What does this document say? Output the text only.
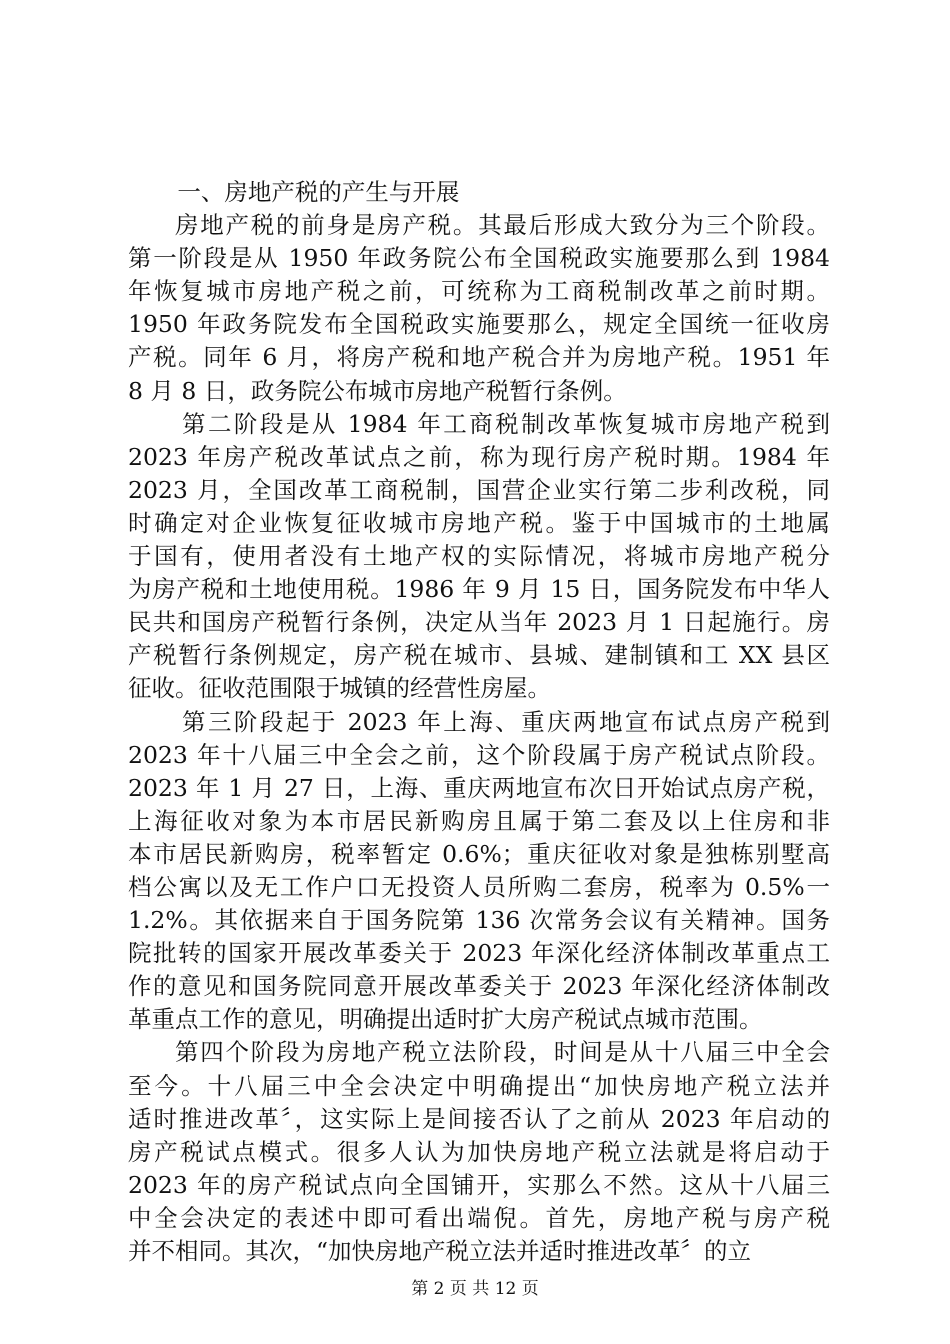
一、房地产税的产生与开展
房地产税的前身是房产税。其最后形成大致分为三个阶段。
第一阶段是从 1950 年政务院公布全国税政实施要那么到 1984
年恢复城市房地产税之前，可统称为工商税制改革之前时期。
1950 年政务院发布全国税政实施要那么，规定全国统一征收房
产税。同年 6 月，将房产税和地产税合并为房地产税。1951 年
8 月 8 日，政务院公布城市房地产税暂行条例。
第二阶段是从 1984 年工商税制改革恢复城市房地产税到
2023 年房产税改革试点之前，称为现行房产税时期。1984 年
2023 月，全国改革工商税制，国营企业实行第二步利改税，同
时确定对企业恢复征收城市房地产税。鉴于中国城市的土地属
于国有，使用者没有土地产权的实际情况，将城市房地产税分
为房产税和土地使用税。1986 年 9 月 15 日，国务院发布中华人
民共和国房产税暂行条例，决定从当年 2023 月 1 日起施行。房
产税暂行条例规定，房产税在城市、县城、建制镇和工 XX 县区
征收。征收范围限于城镇的经营性房屋。
第三阶段起于 2023 年上海、重庆两地宣布试点房产税到
2023 年十八届三中全会之前，这个阶段属于房产税试点阶段。
2023 年 1 月 27 日，上海、重庆两地宣布次日开始试点房产税，
上海征收对象为本市居民新购房且属于第二套及以上住房和非
本市居民新购房，税率暂定 0.6%；重庆征收对象是独栋别墅高
档公寓以及无工作户口无投资人员所购二套房，税率为 0.5%一
1.2%。其依据来自于国务院第 136 次常务会议有关精神。国务
院批转的国家开展改革委关于 2023 年深化经济体制改革重点工
作的意见和国务院同意开展改革委关于 2023 年深化经济体制改
革重点工作的意见，明确提出适时扩大房产税试点城市范围。
第四个阶段为房地产税立法阶段，时间是从十八届三中全会
至今。十八届三中全会决定中明确提出“加快房地产税立法并
适时推进改革〞，这实际上是间接否认了之前从 2023 年启动的
房产税试点模式。很多人认为加快房地产税立法就是将启动于
2023 年的房产税试点向全国铺开，实那么不然。这从十八届三
中全会决定的表述中即可看出端倪。首先，房地产税与房产税
并不相同。其次，“加快房地产税立法并适时推进改革〞的立
第 2 页 共 12 页
